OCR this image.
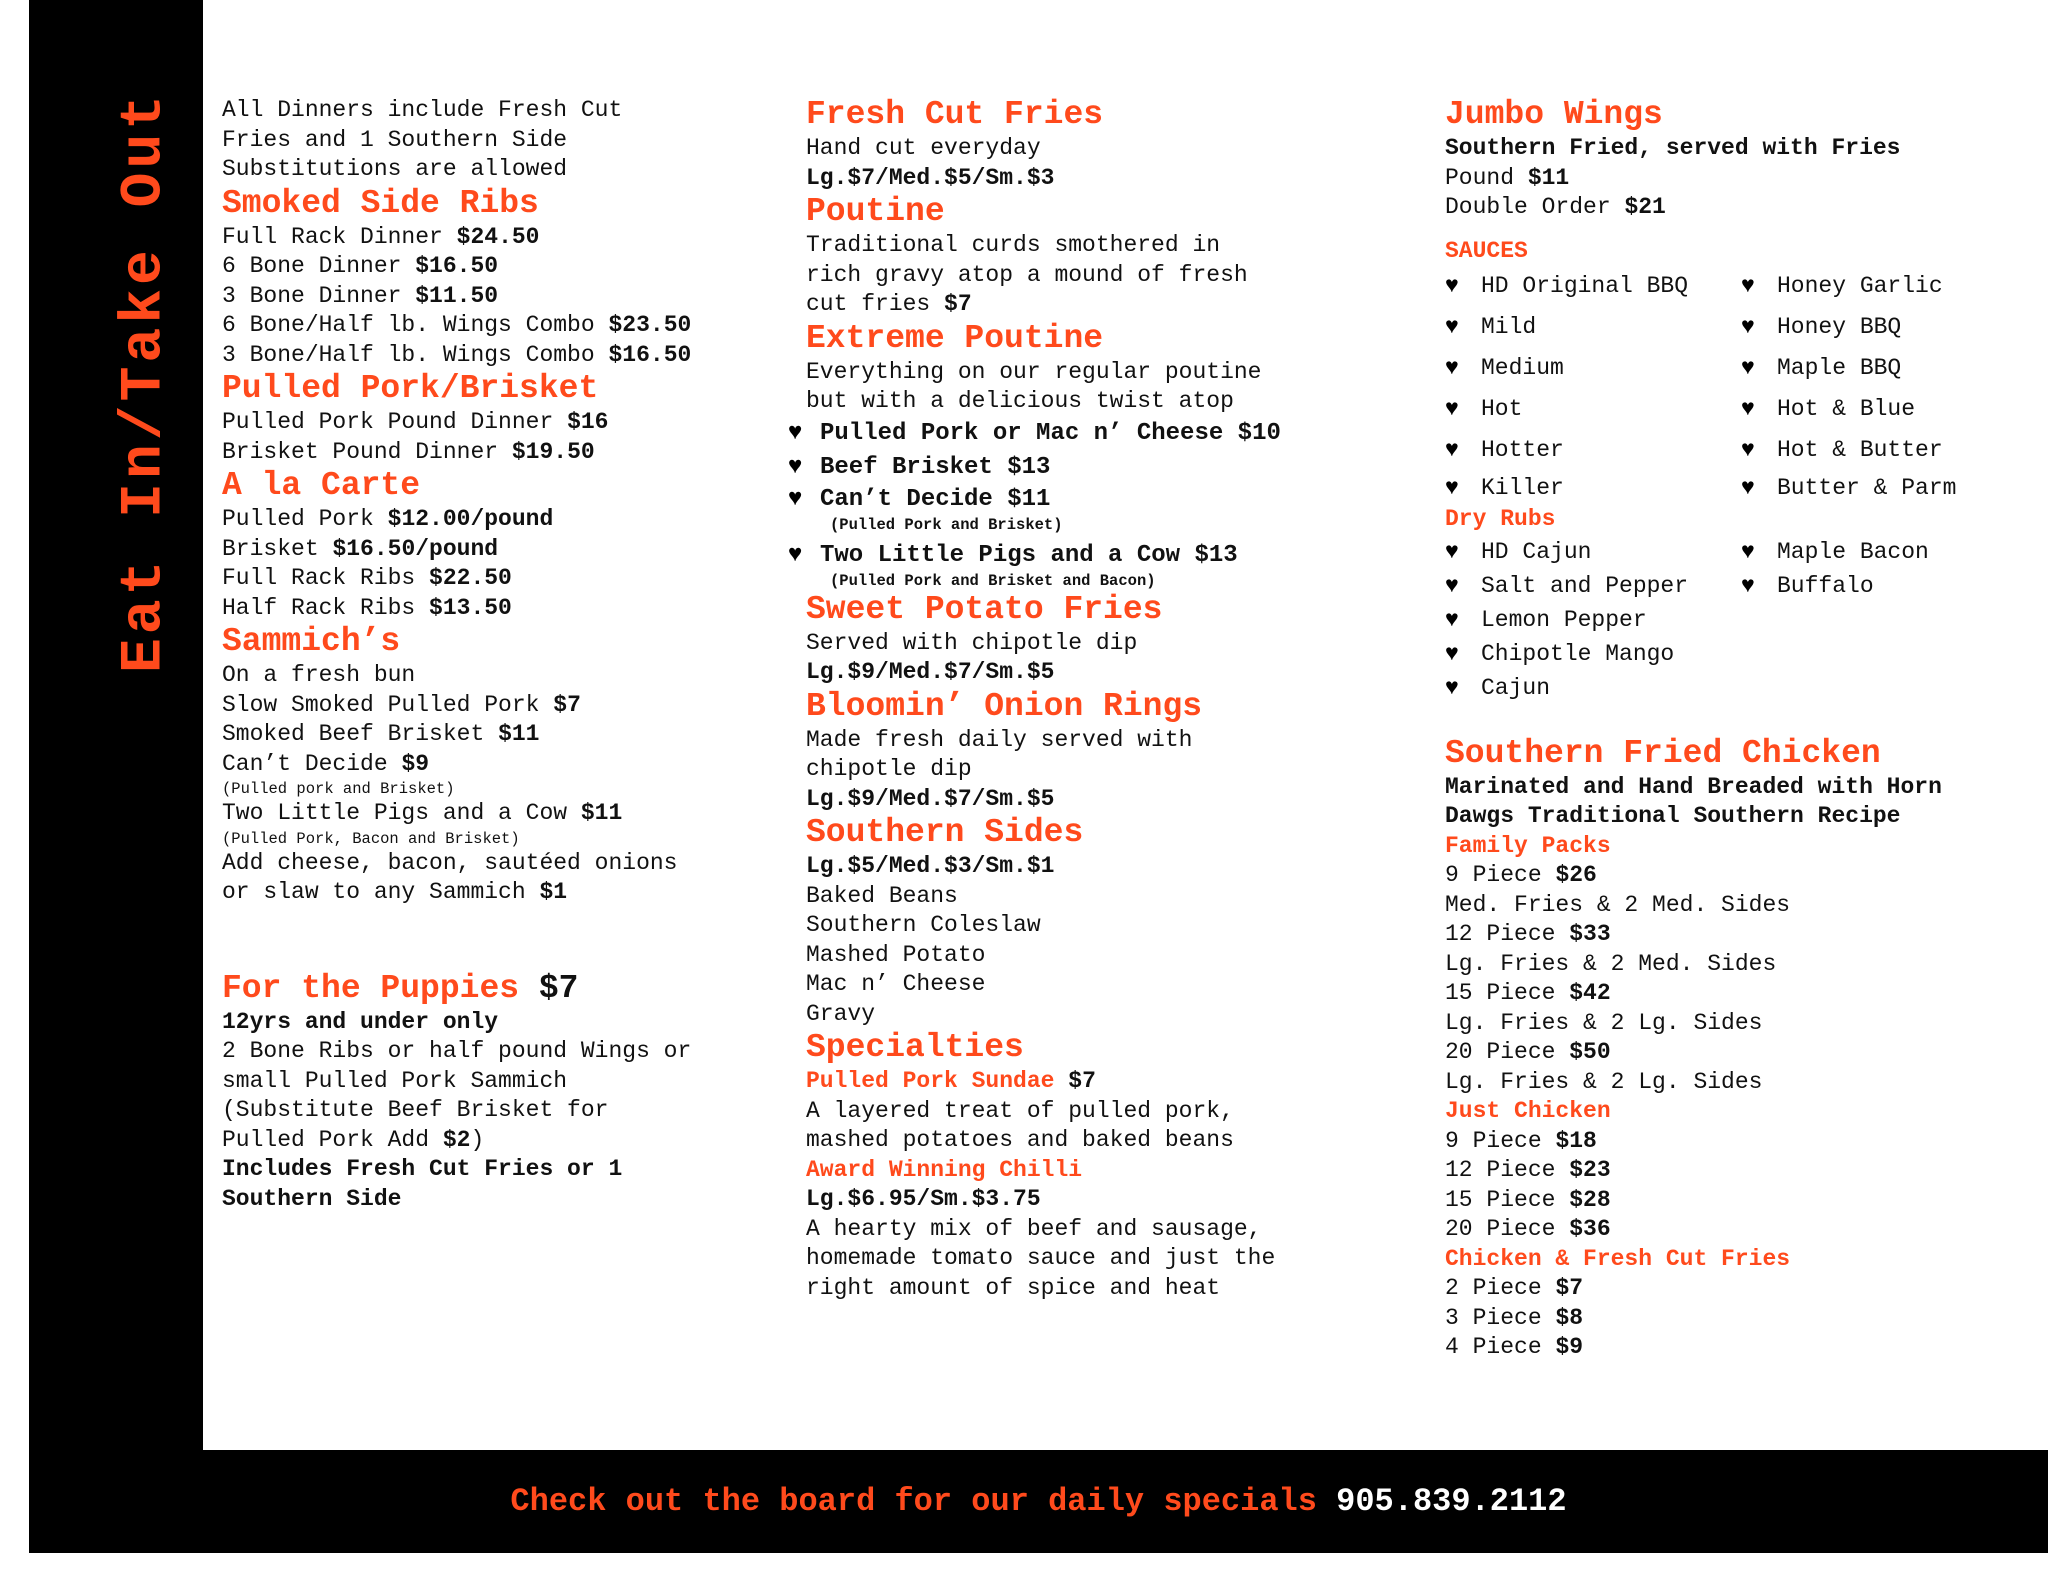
Eat In/Take Out All Dinners include Fresh Cut
Fries and 1 Southern Side
Substitutions are allowed
Smoked Side Ribs
Full Rack Dinner $24.50
6 Bone Dinner $16.50
3 Bone Dinner $11.50
6 Bone/Half lb. Wings Combo $23.50
3 Bone/Half lb. Wings Combo $16.50
Pulled Pork/Brisket
Pulled Pork Pound Dinner $16
Brisket Pound Dinner $19.50
A la Carte
Pulled Pork $12.00/pound
Brisket $16.50/pound
Full Rack Ribs $22.50
Half Rack Ribs $13.50
Sammich’s
On a fresh bun
Slow Smoked Pulled Pork $7
Smoked Beef Brisket $11
Can’t Decide $9
(Pulled pork and Brisket)
Two Little Pigs and a Cow $11
(Pulled Pork, Bacon and Brisket)
Add cheese, bacon, sautéed onions
or slaw to any Sammich $1
For the Puppies $7
12yrs and under only
2 Bone Ribs or half pound Wings or
small Pulled Pork Sammich
(Substitute Beef Brisket for
Pulled Pork Add $2)
Includes Fresh Cut Fries or 1
Southern Side
Fresh Cut Fries
Hand cut everyday
Lg.$7/Med.$5/Sm.$3
Poutine
Traditional curds smothered in
rich gravy atop a mound of fresh
cut fries $7
Extreme Poutine
Everything on our regular poutine
but with a delicious twist atop
♥ Pulled Pork or Mac n’ Cheese $10
♥ Beef Brisket $13
♥ Can’t Decide $11
(Pulled Pork and Brisket)
♥ Two Little Pigs and a Cow $13
(Pulled Pork and Brisket and Bacon)
Sweet Potato Fries
Served with chipotle dip
Lg.$9/Med.$7/Sm.$5
Bloomin’ Onion Rings
Made fresh daily served with
chipotle dip
Lg.$9/Med.$7/Sm.$5
Southern Sides
Lg.$5/Med.$3/Sm.$1
Baked Beans
Southern Coleslaw
Mashed Potato
Mac n’ Cheese
Gravy
Specialties
Pulled Pork Sundae $7
A layered treat of pulled pork,
mashed potatoes and baked beans
Award Winning Chilli
Lg.$6.95/Sm.$3.75
A hearty mix of beef and sausage,
homemade tomato sauce and just the
right amount of spice and heat
Jumbo Wings
Southern Fried, served with Fries
Pound $11
Double Order $21
SAUCES
♥ HD Original BBQ	♥ Honey Garlic
♥ Mild	♥ Honey BBQ
♥ Medium	♥ Maple BBQ
♥ Hot	♥ Hot & Blue
♥ Hotter	♥ Hot & Butter
♥ Killer	♥ Butter & Parm
Dry Rubs
♥ HD Cajun	♥ Maple Bacon
♥ Salt and Pepper	♥ Buffalo
♥ Lemon Pepper
♥ Chipotle Mango
♥ Cajun
Southern Fried Chicken
Marinated and Hand Breaded with Horn
Dawgs Traditional Southern Recipe
Family Packs
9 Piece $26
Med. Fries & 2 Med. Sides
12 Piece $33
Lg. Fries & 2 Med. Sides
15 Piece $42
Lg. Fries & 2 Lg. Sides
20 Piece $50
Lg. Fries & 2 Lg. Sides
Just Chicken
9 Piece $18
12 Piece $23
15 Piece $28
20 Piece $36
Chicken & Fresh Cut Fries
2 Piece $7
3 Piece $8
4 Piece $9
Check out the board for our daily specials 905.839.2112
